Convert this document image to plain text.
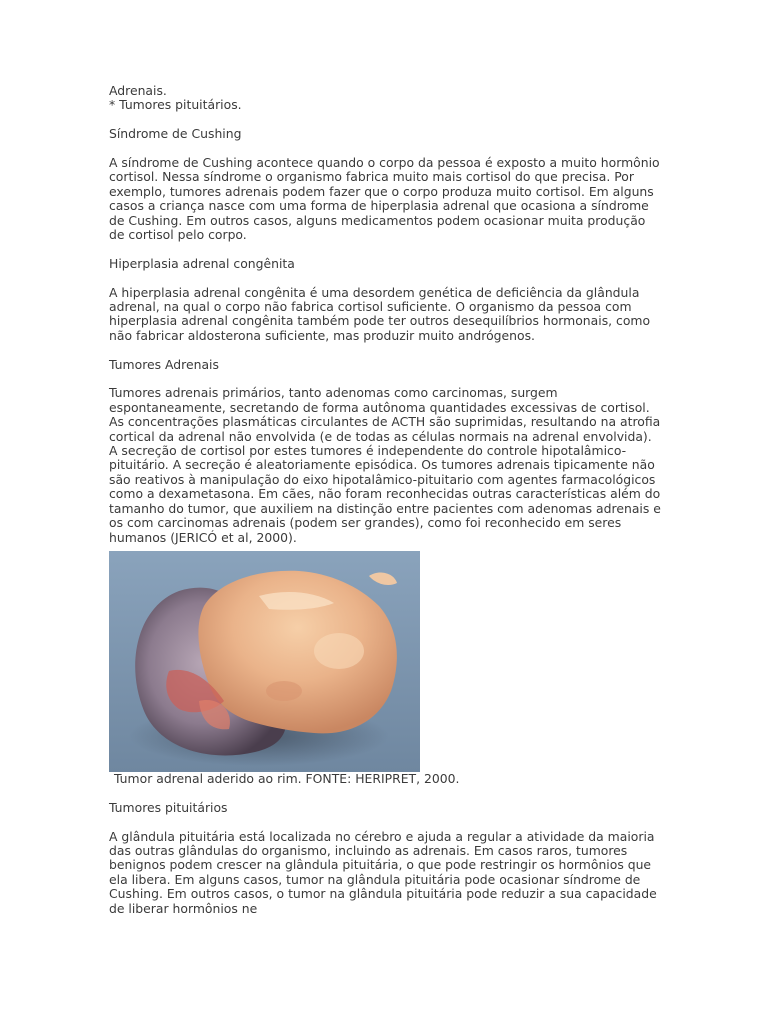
Adrenais.
* Tumores pituitários.
Síndrome de Cushing
A síndrome de Cushing acontece quando o corpo da pessoa é exposto a muito hormônio
cortisol. Nessa síndrome o organismo fabrica muito mais cortisol do que precisa. Por
exemplo, tumores adrenais podem fazer que o corpo produza muito cortisol. Em alguns
casos a criança nasce com uma forma de hiperplasia adrenal que ocasiona a síndrome
de Cushing. Em outros casos, alguns medicamentos podem ocasionar muita produção
de cortisol pelo corpo.
Hiperplasia adrenal congênita
A hiperplasia adrenal congênita é uma desordem genética de deficiência da glândula
adrenal, na qual o corpo não fabrica cortisol suficiente. O organismo da pessoa com
hiperplasia adrenal congênita também pode ter outros desequilíbrios hormonais, como
não fabricar aldosterona suficiente, mas produzir muito andrógenos.
Tumores Adrenais
Tumores adrenais primários, tanto adenomas como carcinomas, surgem
espontaneamente, secretando de forma autônoma quantidades excessivas de cortisol.
As concentrações plasmáticas circulantes de ACTH são suprimidas, resultando na atrofia
cortical da adrenal não envolvida (e de todas as células normais na adrenal envolvida).
A secreção de cortisol por estes tumores é independente do controle hipotalâmico-
pituitário. A secreção é aleatoriamente episódica. Os tumores adrenais tipicamente não
são reativos à manipulação do eixo hipotalâmico-pituitario com agentes farmacológicos
como a dexametasona. Em cães, não foram reconhecidas outras características além do
tamanho do tumor, que auxiliem na distinção entre pacientes com adenomas adrenais e
os com carcinomas adrenais (podem ser grandes), como foi reconhecido em seres
humanos (JERICÓ et al, 2000).
Tumor adrenal aderido ao rim. FONTE: HERIPRET, 2000.
Tumores pituitários
A glândula pituitária está localizada no cérebro e ajuda a regular a atividade da maioria
das outras glândulas do organismo, incluindo as adrenais. Em casos raros, tumores
benignos podem crescer na glândula pituitária, o que pode restringir os hormônios que
ela libera. Em alguns casos, tumor na glândula pituitária pode ocasionar síndrome de
Cushing. Em outros casos, o tumor na glândula pituitária pode reduzir a sua capacidade
de liberar hormônios ne
